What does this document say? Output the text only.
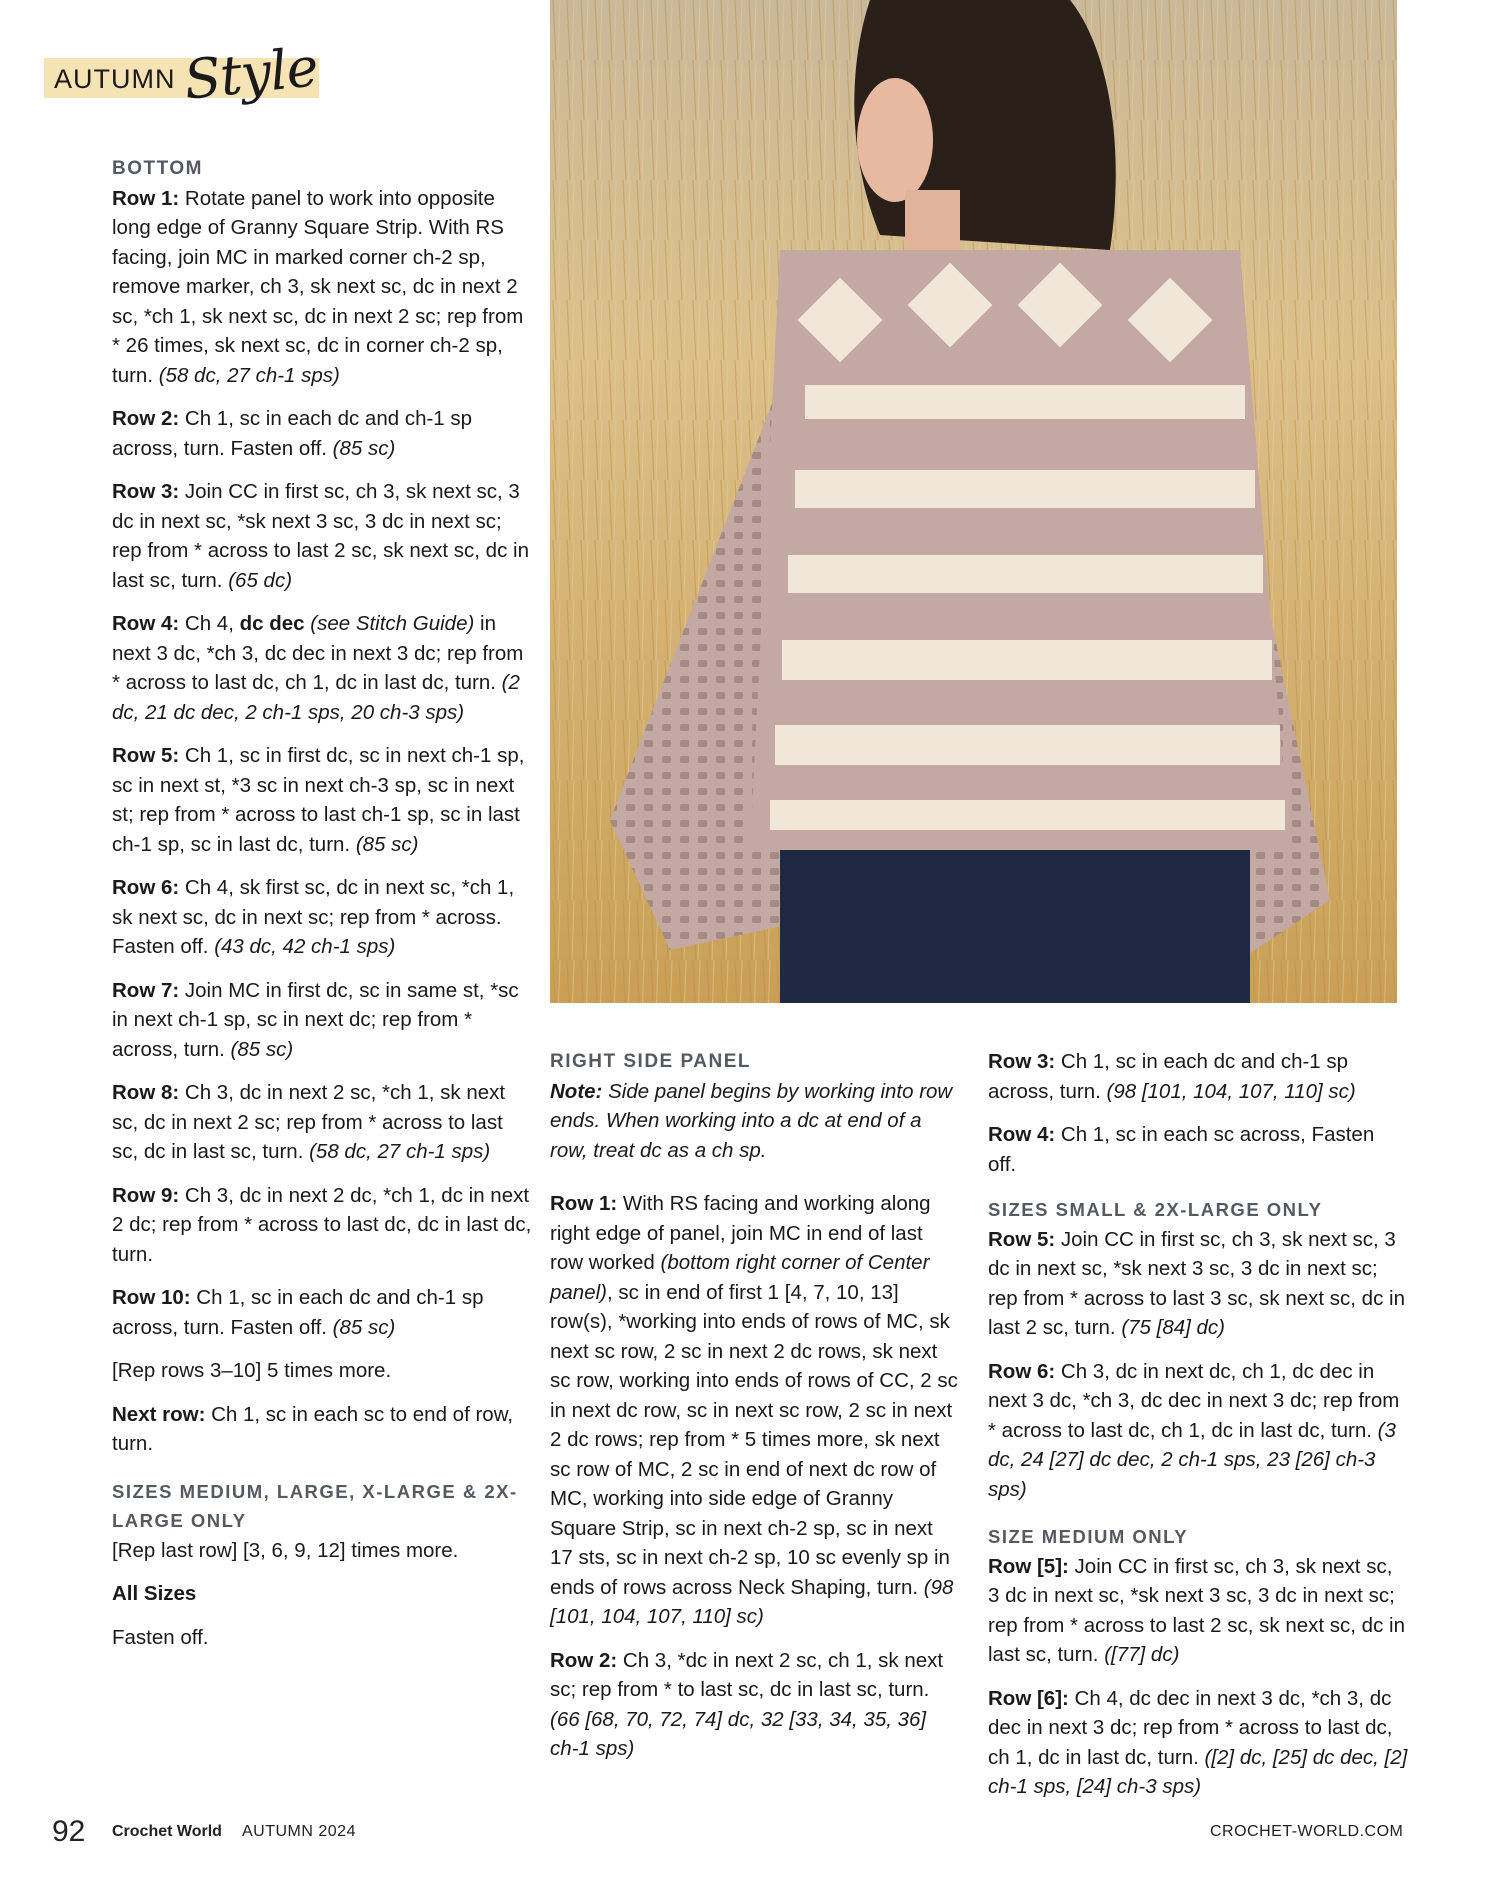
AUTUMN Style
BOTTOM

Row 1: Rotate panel to work into opposite long edge of Granny Square Strip. With RS facing, join MC in marked corner ch-2 sp, remove marker, ch 3, sk next sc, dc in next 2 sc, *ch 1, sk next sc, dc in next 2 sc; rep from * 26 times, sk next sc, dc in corner ch-2 sp, turn. (58 dc, 27 ch-1 sps)

Row 2: Ch 1, sc in each dc and ch-1 sp across, turn. Fasten off. (85 sc)

Row 3: Join CC in first sc, ch 3, sk next sc, 3 dc in next sc, *sk next 3 sc, 3 dc in next sc; rep from * across to last 2 sc, sk next sc, dc in last sc, turn. (65 dc)

Row 4: Ch 4, dc dec (see Stitch Guide) in next 3 dc, *ch 3, dc dec in next 3 dc; rep from * across to last dc, ch 1, dc in last dc, turn. (2 dc, 21 dc dec, 2 ch-1 sps, 20 ch-3 sps)

Row 5: Ch 1, sc in first dc, sc in next ch-1 sp, sc in next st, *3 sc in next ch-3 sp, sc in next st; rep from * across to last ch-1 sp, sc in last ch-1 sp, sc in last dc, turn. (85 sc)

Row 6: Ch 4, sk first sc, dc in next sc, *ch 1, sk next sc, dc in next sc; rep from * across. Fasten off. (43 dc, 42 ch-1 sps)

Row 7: Join MC in first dc, sc in same st, *sc in next ch-1 sp, sc in next dc; rep from * across, turn. (85 sc)

Row 8: Ch 3, dc in next 2 sc, *ch 1, sk next sc, dc in next 2 sc; rep from * across to last sc, dc in last sc, turn. (58 dc, 27 ch-1 sps)

Row 9: Ch 3, dc in next 2 dc, *ch 1, dc in next 2 dc; rep from * across to last dc, dc in last dc, turn.

Row 10: Ch 1, sc in each dc and ch-1 sp across, turn. Fasten off. (85 sc)

[Rep rows 3–10] 5 times more.

Next row: Ch 1, sc in each sc to end of row, turn.

SIZES MEDIUM, LARGE, X-LARGE & 2X-LARGE ONLY

[Rep last row] [3, 6, 9, 12] times more.

All Sizes

Fasten off.

RIGHT SIDE PANEL

Note: Side panel begins by working into row ends. When working into a dc at end of a row, treat dc as a ch sp.

Row 1: With RS facing and working along right edge of panel, join MC in end of last row worked (bottom right corner of Center panel), sc in end of first 1 [4, 7, 10, 13] row(s), *working into ends of rows of MC, sk next sc row, 2 sc in next 2 dc rows, sk next sc row, working into ends of rows of CC, 2 sc in next dc row, sc in next sc row, 2 sc in next 2 dc rows; rep from * 5 times more, sk next sc row of MC, 2 sc in end of next dc row of MC, working into side edge of Granny Square Strip, sc in next ch-2 sp, sc in next 17 sts, sc in next ch-2 sp, 10 sc evenly sp in ends of rows across Neck Shaping, turn. (98 [101, 104, 107, 110] sc)

Row 2: Ch 3, *dc in next 2 sc, ch 1, sk next sc; rep from * to last sc, dc in last sc, turn. (66 [68, 70, 72, 74] dc, 32 [33, 34, 35, 36] ch-1 sps)

Row 3: Ch 1, sc in each dc and ch-1 sp across, turn. (98 [101, 104, 107, 110] sc)

Row 4: Ch 1, sc in each sc across, Fasten off.

SIZES SMALL & 2X-LARGE ONLY

Row 5: Join CC in first sc, ch 3, sk next sc, 3 dc in next sc, *sk next 3 sc, 3 dc in next sc; rep from * across to last 3 sc, sk next sc, dc in last 2 sc, turn. (75 [84] dc)

Row 6: Ch 3, dc in next dc, ch 1, dc dec in next 3 dc, *ch 3, dc dec in next 3 dc; rep from * across to last dc, ch 1, dc in last dc, turn. (3 dc, 24 [27] dc dec, 2 ch-1 sps, 23 [26] ch-3 sps)

SIZE MEDIUM ONLY

Row [5]: Join CC in first sc, ch 3, sk next sc, 3 dc in next sc, *sk next 3 sc, 3 dc in next sc; rep from * across to last 2 sc, sk next sc, dc in last sc, turn. ([77] dc)

Row [6]: Ch 4, dc dec in next 3 dc, *ch 3, dc dec in next 3 dc; rep from * across to last dc, ch 1, dc in last dc, turn. ([2] dc, [25] dc dec, [2] ch-1 sps, [24] ch-3 sps)

92 Crochet World AUTUMN 2024	CROCHET-WORLD.COM
